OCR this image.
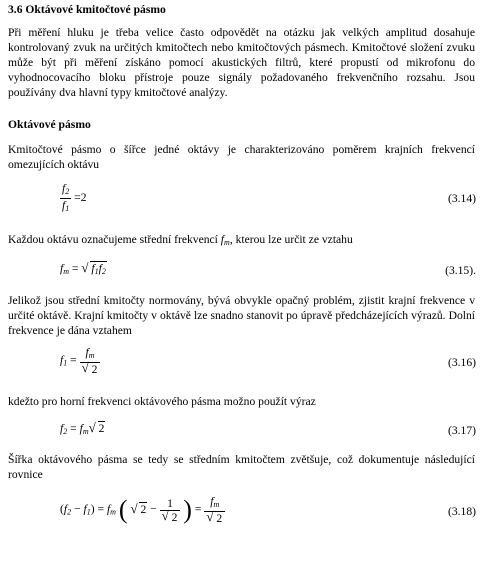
3.6 Oktávové kmitočtové pásmo

Při měření hluku je třeba velice často odpovědět na otázku jak velkých amplitud dosahuje kontrolovaný zvuk na určitých kmitočtech nebo kmitočtových pásmech. Kmitočtové složení zvuku může být při měření získáno pomocí akustických filtrů, které propustí od mikrofonu do vyhodnocovacího bloku přístroje pouze signály požadovaného frekvenčního rozsahu. Jsou používány dva hlavní typy kmitočtové analýzy.

Oktávové pásmo

Kmitočtové pásmo o šířce jedné oktávy je charakterizováno poměrem krajních frekvencí omezujících oktávu

$\frac{f_2}{f_1} =2$	(3.14)

Každou oktávu označujeme střední frekvencí $f_m$, kterou lze určit ze vztahu

$f_m$ = √ $f_1f_2$	(3.15).

Jelikož jsou střední kmitočty normovány, bývá obvykle opačný problém, zjistit krajní frekvence v určité oktávě. Krajní kmitočty v oktávě lze snadno stanovit po úpravě předcházejících výrazů. Dolní frekvence je dána vztahem

$f_1 = \frac{f_m}{√ 2}$	(3.16)

kdežto pro horní frekvenci oktávového pásma možno použít výraz

$f_2 = f_m$ √ 2	(3.17)

Šířka oktávového pásma se tedy se středním kmitočtem zvětšuje, což dokumentuje následující rovnice

$(f_2 - f_1) = f_m$ ( √ $2 - \frac{1}{√ 2}$ ) = $\frac{f_m}{√ 2}$	(3.18)
